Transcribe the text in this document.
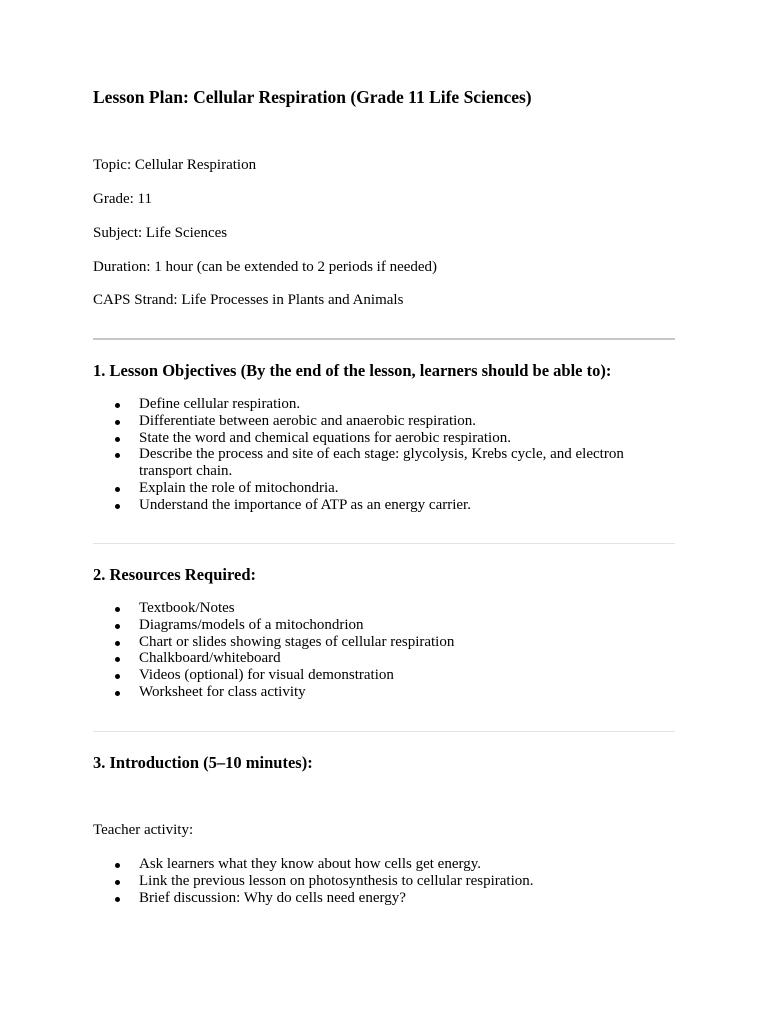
Lesson Plan: Cellular Respiration (Grade 11 Life Sciences)
Topic: Cellular Respiration
Grade: 11
Subject: Life Sciences
Duration: 1 hour (can be extended to 2 periods if needed)
CAPS Strand: Life Processes in Plants and Animals
1. Lesson Objectives (By the end of the lesson, learners should be able to):
Define cellular respiration.
Differentiate between aerobic and anaerobic respiration.
State the word and chemical equations for aerobic respiration.
Describe the process and site of each stage: glycolysis, Krebs cycle, and electron transport chain.
Explain the role of mitochondria.
Understand the importance of ATP as an energy carrier.
2. Resources Required:
Textbook/Notes
Diagrams/models of a mitochondrion
Chart or slides showing stages of cellular respiration
Chalkboard/whiteboard
Videos (optional) for visual demonstration
Worksheet for class activity
3. Introduction (5–10 minutes):
Teacher activity:
Ask learners what they know about how cells get energy.
Link the previous lesson on photosynthesis to cellular respiration.
Brief discussion: Why do cells need energy?
